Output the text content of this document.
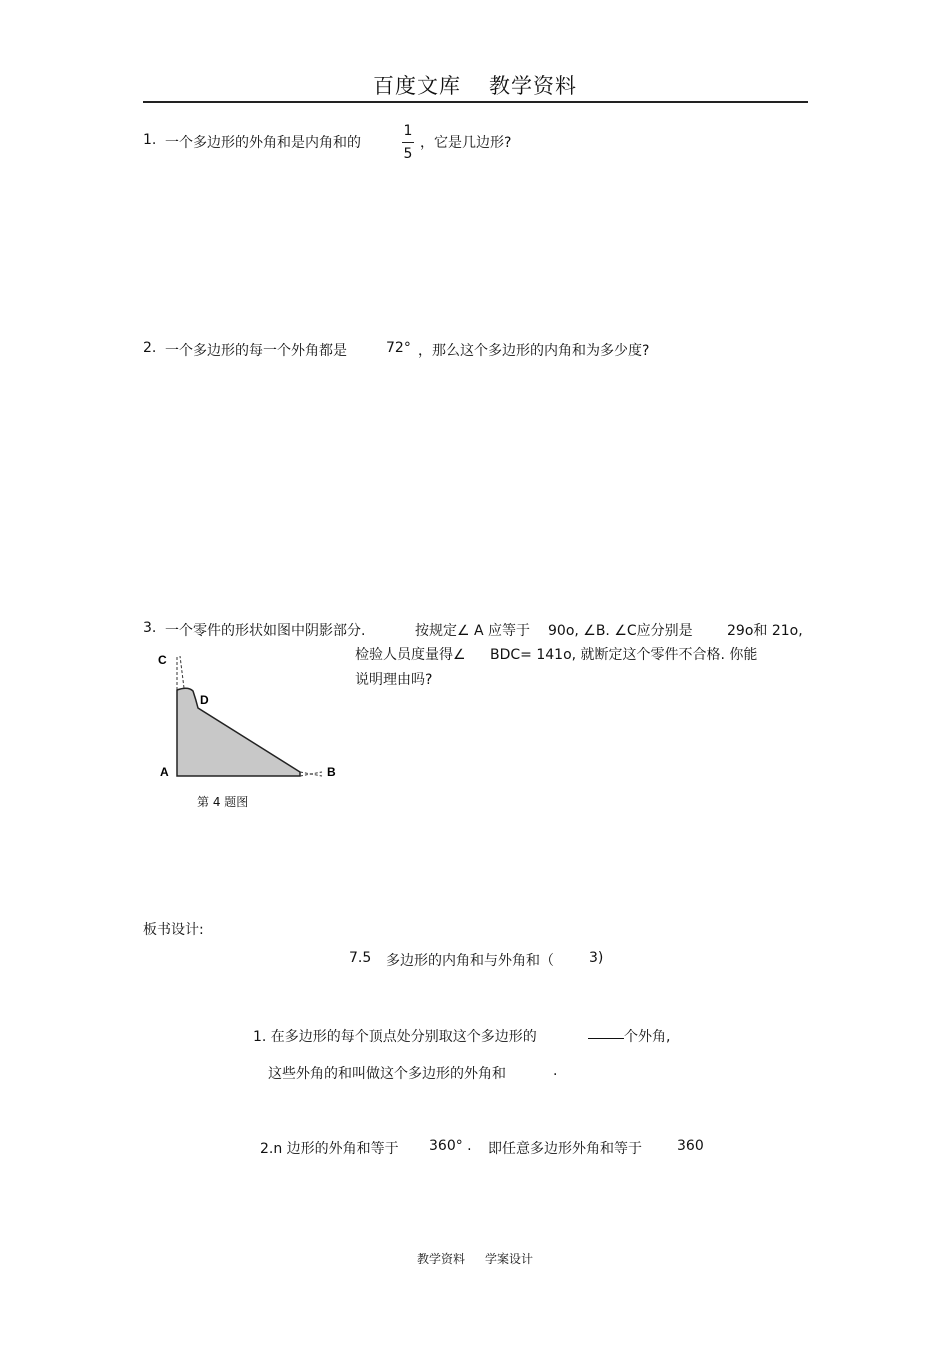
百度文库 教学资料
1. 一个多边形的外角和是内角和的
1
5
，它是几边形?
2. 一个多边形的每一个外角都是	72° ，那么这个多边形的内角和为多少度?
3. 一个零件的形状如图中阴影部分.	按规定∠ A 应等于 90o, ∠B. ∠C应分别是 29o和 21o,
检验人员度量得∠ BDC= 141o, 就断定这个零件不合格. 你能
说明理由吗?
C
D
A	B
第 4 题图
板书设计:
7.5 多边形的内角和与外角和（	3)
1. 在多边形的每个顶点处分别取这个多边形的	个外角,
这些外角的和叫做这个多边形的外角和	.
2.n 边形的外角和等于 360° . 即任意多边形外角和等于	360
教学资料 学案设计
